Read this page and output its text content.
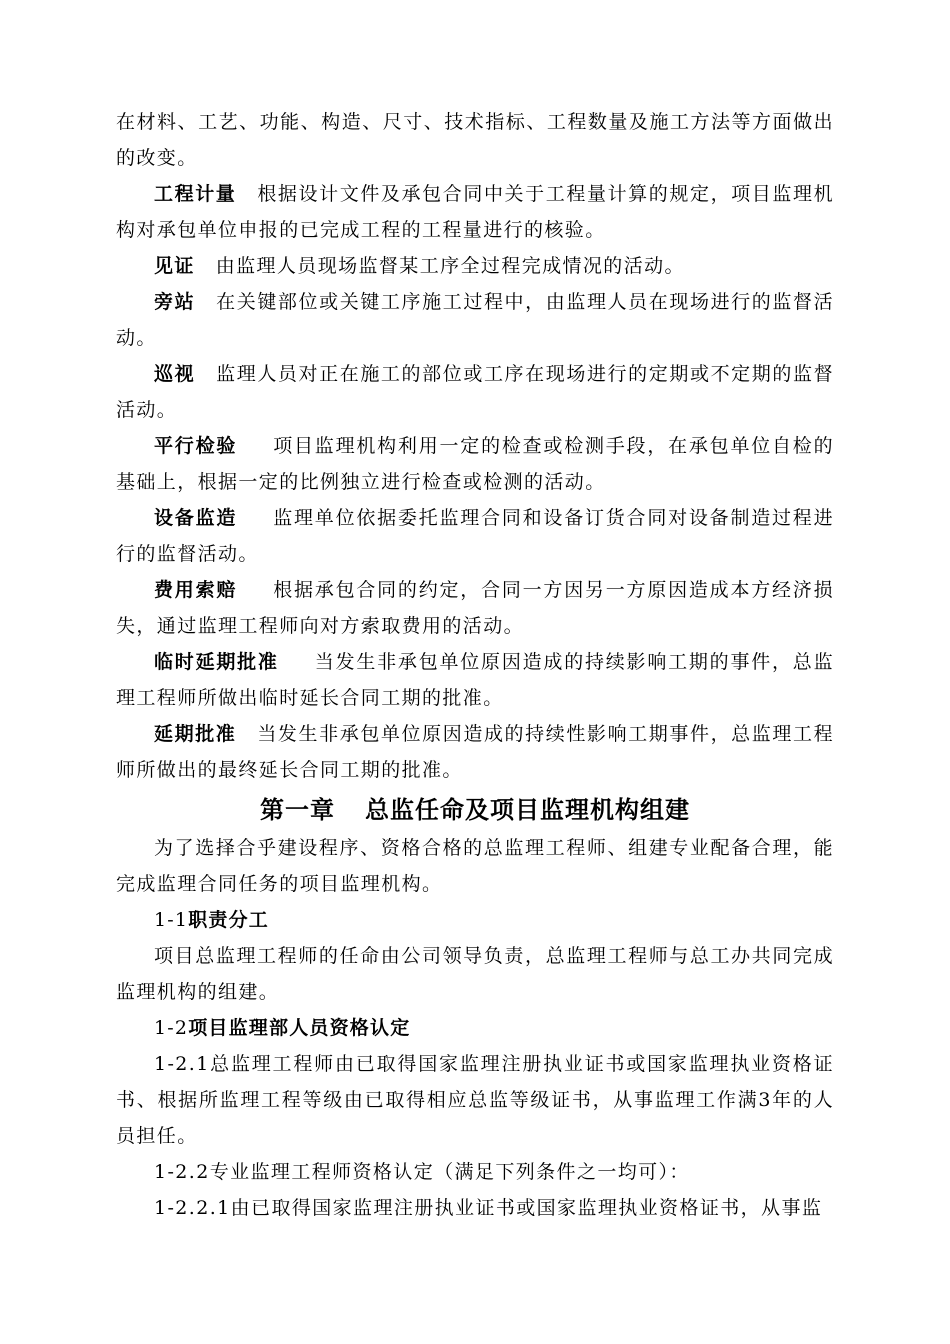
在材料、工艺、功能、构造、尺寸、技术指标、工程数量及施工方法等方面做出的改变。

工程计量 根据设计文件及承包合同中关于工程量计算的规定，项目监理机构对承包单位申报的已完成工程的工程量进行的核验。

见证 由监理人员现场监督某工序全过程完成情况的活动。

旁站 在关键部位或关键工序施工过程中，由监理人员在现场进行的监督活动。

巡视 监理人员对正在施工的部位或工序在现场进行的定期或不定期的监督活动。

平行检验 项目监理机构利用一定的检查或检测手段，在承包单位自检的基础上，根据一定的比例独立进行检查或检测的活动。

设备监造 监理单位依据委托监理合同和设备订货合同对设备制造过程进行的监督活动。

费用索赔 根据承包合同的约定，合同一方因另一方原因造成本方经济损失，通过监理工程师向对方索取费用的活动。

临时延期批准 当发生非承包单位原因造成的持续影响工期的事件，总监理工程师所做出临时延长合同工期的批准。

延期批准 当发生非承包单位原因造成的持续性影响工期事件，总监理工程师所做出的最终延长合同工期的批准。

第一章 总监任命及项目监理机构组建

为了选择合乎建设程序、资格合格的总监理工程师、组建专业配备合理，能完成监理合同任务的项目监理机构。

1-1职责分工

项目总监理工程师的任命由公司领导负责，总监理工程师与总工办共同完成监理机构的组建。

1-2项目监理部人员资格认定

1-2.1总监理工程师由已取得国家监理注册执业证书或国家监理执业资格证书、根据所监理工程等级由已取得相应总监等级证书，从事监理工作满3年的人员担任。

1-2.2专业监理工程师资格认定（满足下列条件之一均可）：

1-2.2.1由已取得国家监理注册执业证书或国家监理执业资格证书，从事监
